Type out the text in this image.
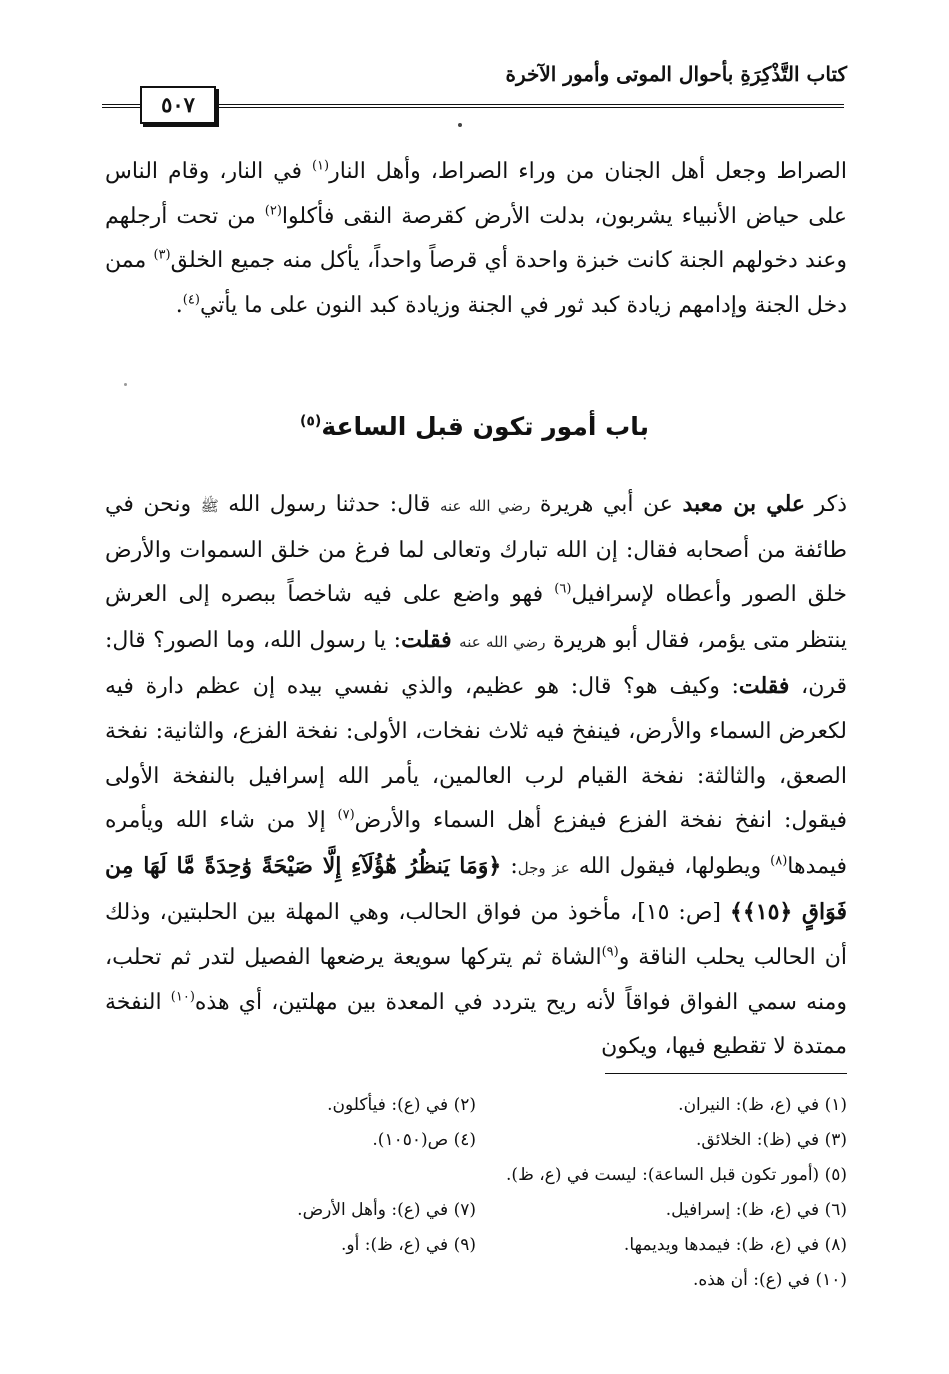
كتاب التَّذْكِرَةِ بأحوال الموتى وأمور الآخرة
٥٠٧
الصراط وجعل أهل الجنان من وراء الصراط، وأهل النار$^{(١)}$ في النار، وقام الناس على حياض الأنبياء يشربون، بدلت الأرض كقرصة النقى فأكلوا$^{(٢)}$ من تحت أرجلهم وعند دخولهم الجنة كانت خبزة واحدة أي قرصاً واحداً، يأكل منه جميع الخلق$^{(٣)}$ ممن دخل الجنة وإدامهم زيادة كبد ثور في الجنة وزيادة كبد النون على ما يأتي$^{(٤)}$.
باب أمور تكون قبل الساعة$^{(٥)}$
ذكر علي بن معبد عن أبي هريرة رضي الله عنه قال: حدثنا رسول الله ﷺ ونحن في طائفة من أصحابه فقال: إن الله تبارك وتعالى لما فرغ من خلق السموات والأرض خلق الصور وأعطاه لإسرافيل$^{(٦)}$ فهو واضع على فيه شاخصاً ببصره إلى العرش ينتظر متى يؤمر، فقال أبو هريرة رضي الله عنه فقلت: يا رسول الله، وما الصور؟ قال: قرن، فقلت: وكيف هو؟ قال: هو عظيم، والذي نفسي بيده إن عظم دارة فيه لكعرض السماء والأرض، فينفخ فيه ثلاث نفخات، الأولى: نفخة الفزع، والثانية: نفخة الصعق، والثالثة: نفخة القيام لرب العالمين، يأمر الله إسرافيل بالنفخة الأولى فيقول: انفخ نفخة الفزع فيفزع أهل السماء والأرض$^{(٧)}$ إلا من شاء الله ويأمره فيمدها$^{(٨)}$ ويطولها، فيقول الله عز وجل: ﴿وَمَا يَنظُرُ هَٰٓؤُلَآءِ إِلَّا صَيْحَةً وَٰحِدَةً مَّا لَهَا مِن فَوَاقٍ ﴿١٥﴾﴾ [ص: ١٥]، مأخوذ من فواق الحالب، وهي المهلة بين الحلبتين، وذلك أن الحالب يحلب الناقة و$^{(٩)}$الشاة ثم يتركها سويعة يرضعها الفصيل لتدر ثم تحلب، ومنه سمي الفواق فواقاً لأنه ريح يتردد في المعدة بين مهلتين، أي هذه$^{(١٠)}$ النفخة ممتدة لا تقطيع فيها، ويكون
(١) في (ع، ظ): النيران.
(٢) في (ع): فيأكلون.
(٣) في (ظ): الخلائق.
(٤) ص(١٠٥٠).
(٥) (أمور تكون قبل الساعة): ليست في (ع، ظ).
(٦) في (ع، ظ): إسرافيل.
(٧) في (ع): وأهل الأرض.
(٨) في (ع، ظ): فيمدها ويديمها.
(٩) في (ع، ظ): أو.
(١٠) في (ع): أن هذه.
